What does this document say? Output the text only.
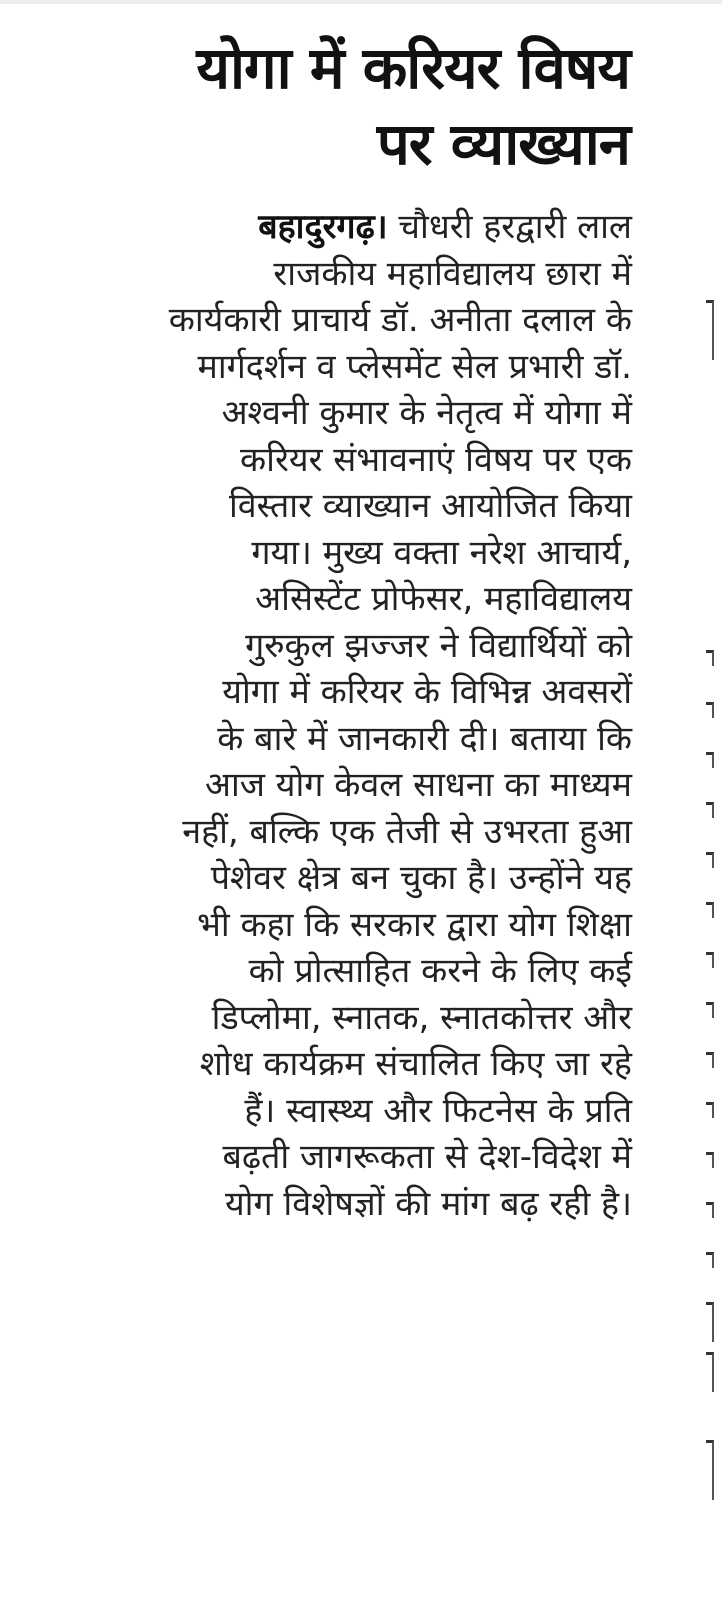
योगा में करियर विषय
पर व्याख्यान
बहादुरगढ़। चौधरी हरद्वारी लाल
राजकीय महाविद्यालय छारा में
कार्यकारी प्राचार्य डॉ. अनीता दलाल के
मार्गदर्शन व प्लेसमेंट सेल प्रभारी डॉ.
अश्वनी कुमार के नेतृत्व में योगा में
करियर संभावनाएं विषय पर एक
विस्तार व्याख्यान आयोजित किया
गया। मुख्य वक्ता नरेश आचार्य,
असिस्टेंट प्रोफेसर, महाविद्यालय
गुरुकुल झज्जर ने विद्यार्थियों को
योगा में करियर के विभिन्न अवसरों
के बारे में जानकारी दी। बताया कि
आज योग केवल साधना का माध्यम
नहीं, बल्कि एक तेजी से उभरता हुआ
पेशेवर क्षेत्र बन चुका है। उन्होंने यह
भी कहा कि सरकार द्वारा योग शिक्षा
को प्रोत्साहित करने के लिए कई
डिप्लोमा, स्नातक, स्नातकोत्तर और
शोध कार्यक्रम संचालित किए जा रहे
हैं। स्वास्थ्य और फिटनेस के प्रति
बढ़ती जागरूकता से देश-विदेश में
योग विशेषज्ञों की मांग बढ़ रही है।
